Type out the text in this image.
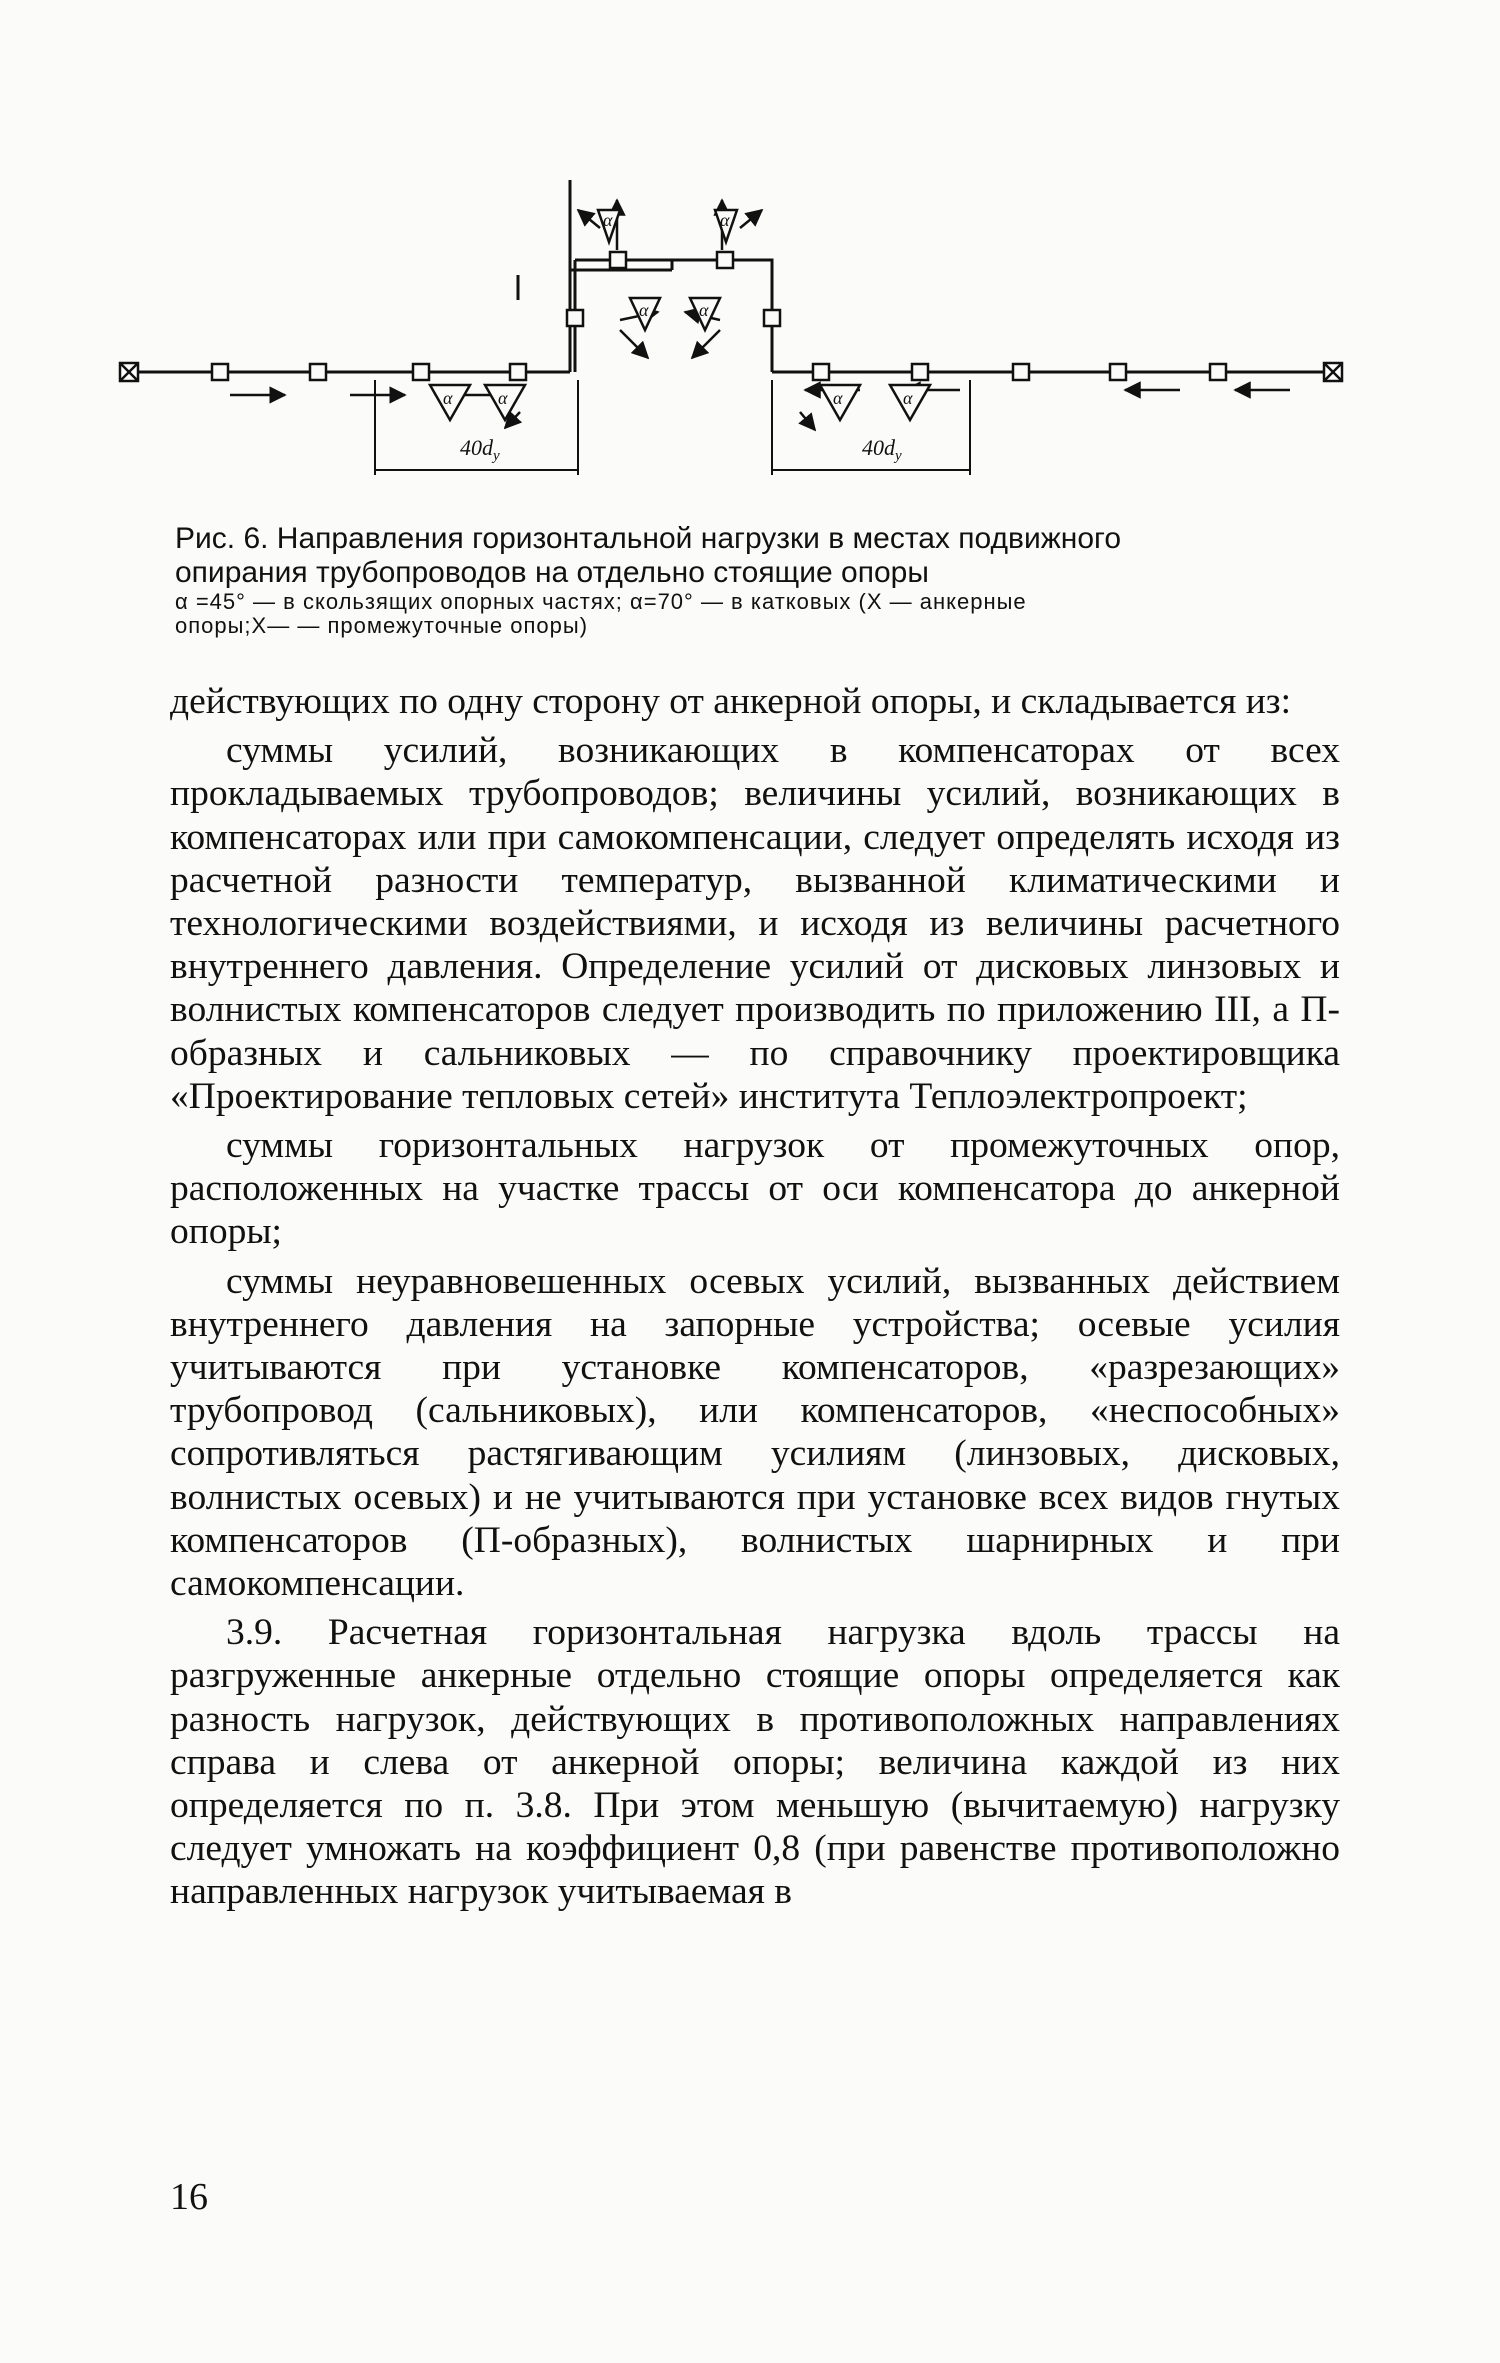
α	α	α	α
α	α
α	α
$40d_y$	$40d_y$

Рис. 6. Направления горизонтальной нагрузки в местах подвижного

опирания трубопроводов на отдельно стоящие опоры

α =45° — в скользящих опорных частях; α=70° — в катковых (X — анкерные

опоры;X— — промежуточные опоры)

действующих по одну сторону от анкерной опоры, и складывается из:

суммы усилий, возникающих в компенсаторах от всех прокладываемых трубопроводов; величины усилий, возникающих в компенсаторах или при самокомпенсации, следует определять исходя из расчетной разности температур, вызванной климатическими и технологическими воздействиями, и исходя из величины расчетного внутреннего давления. Определение усилий от дисковых линзовых и волнистых компенсаторов следует производить по приложению III, а П-образных и сальниковых — по справочнику проектировщика «Проектирование тепловых сетей» института Теплоэлектропроект;

суммы горизонтальных нагрузок от промежуточных опор, расположенных на участке трассы от оси компенсатора до анкерной опоры;

суммы неуравновешенных осевых усилий, вызванных действием внутреннего давления на запорные устройства; осевые усилия учитываются при установке компенсаторов, «разрезающих» трубопровод (сальниковых), или компенсаторов, «неспособных» сопротивляться растягивающим усилиям (линзовых, дисковых, волнистых осевых) и не учитываются при установке всех видов гнутых компенсаторов (П-образных), волнистых шарнирных и при самокомпенсации.

3.9. Расчетная горизонтальная нагрузка вдоль трассы на разгруженные анкерные отдельно стоящие опоры определяется как разность нагрузок, действующих в противоположных направлениях справа и слева от анкерной опоры; величина каждой из них определяется по п. 3.8. При этом меньшую (вычитаемую) нагрузку следует умножать на коэффициент 0,8 (при равенстве противоположно направленных нагрузок учитываемая в

16
